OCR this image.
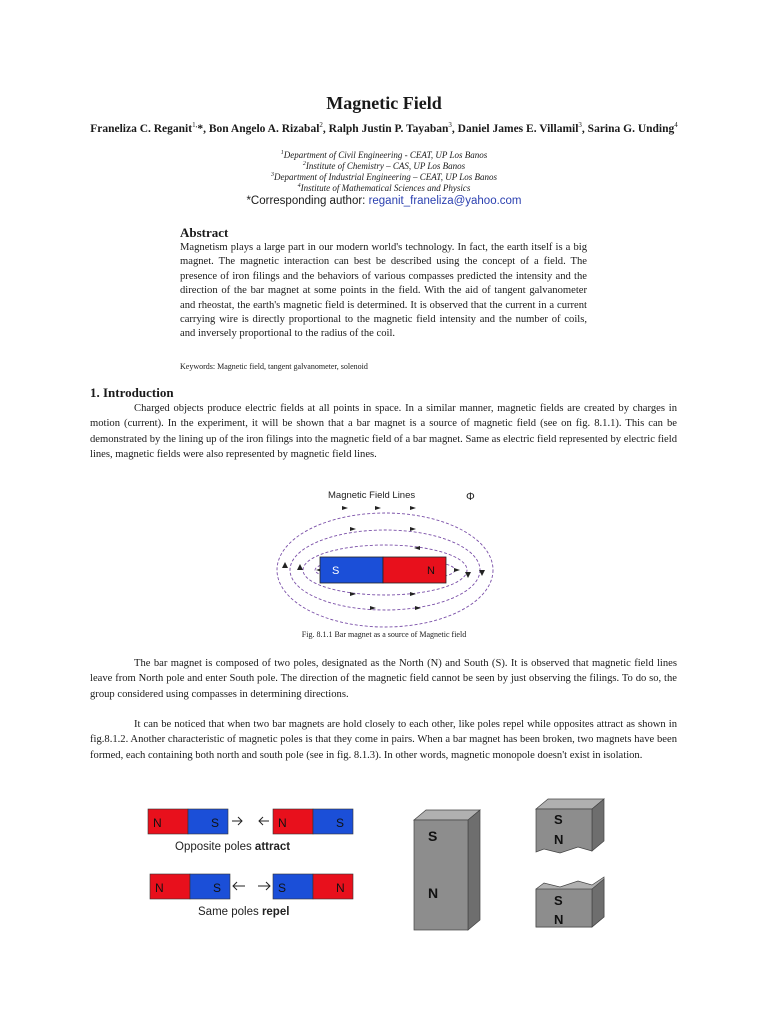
Magnetic Field
Franeliza C. Reganit$^{1,}$*, Bon Angelo A. Rizabal$^2$, Ralph Justin P. Tayaban$^3$, Daniel James E. Villamil$^3$, Sarina G. Unding$^4$
$^1$Department of Civil Engineering - CEAT, UP Los Banos
$^2$Institute of Chemistry – CAS, UP Los Banos
$^3$Department of Industrial Engineering – CEAT, UP Los Banos
$^4$Institute of Mathematical Sciences and Physics
*Corresponding author: reganit_franeliza@yahoo.com
Abstract
Magnetism plays a large part in our modern world's technology. In fact, the earth itself is a big magnet. The magnetic interaction can best be described using the concept of a field. The presence of iron filings and the behaviors of various compasses predicted the intensity and the direction of the bar magnet at some points in the field. With the aid of tangent galvanometer and rheostat, the earth's magnetic field is determined. It is observed that the current in a current carrying wire is directly proportional to the magnetic field intensity and the number of coils, and inversely proportional to the radius of the coil.
Keywords: Magnetic field, tangent galvanometer, solenoid
1. Introduction

Charged objects produce electric fields at all points in space. In a similar manner, magnetic fields are created by charges in motion (current). In the experiment, it will be shown that a bar magnet is a source of magnetic field (see on fig. 8.1.1). This can be demonstrated by the lining up of the iron filings into the magnetic field of a bar magnet. Same as electric field represented by electric field lines, magnetic fields were also represented by magnetic field lines.

Magnetic Field Lines	Φ
S	N
Fig. 8.1.1 Bar magnet as a source of Magnetic field

The bar magnet is composed of two poles, designated as the North (N) and South (S). It is observed that magnetic field lines leave from North pole and enter South pole. The direction of the magnetic field cannot be seen by just observing the filings. To do so, the group considered using compasses in determining directions.

It can be noticed that when two bar magnets are hold closely to each other, like poles repel while opposites attract as shown in fig.8.1.2. Another characteristic of magnetic poles is that they come in pairs. When a bar magnet has been broken, two magnets have been formed, each containing both north and south pole (see in fig. 8.1.3). In other words, magnetic monopole doesn't exist in isolation.

N	S	N	S
Opposite poles attract
N	S	S	N
Same poles repel
S
N
S
N
S
N
